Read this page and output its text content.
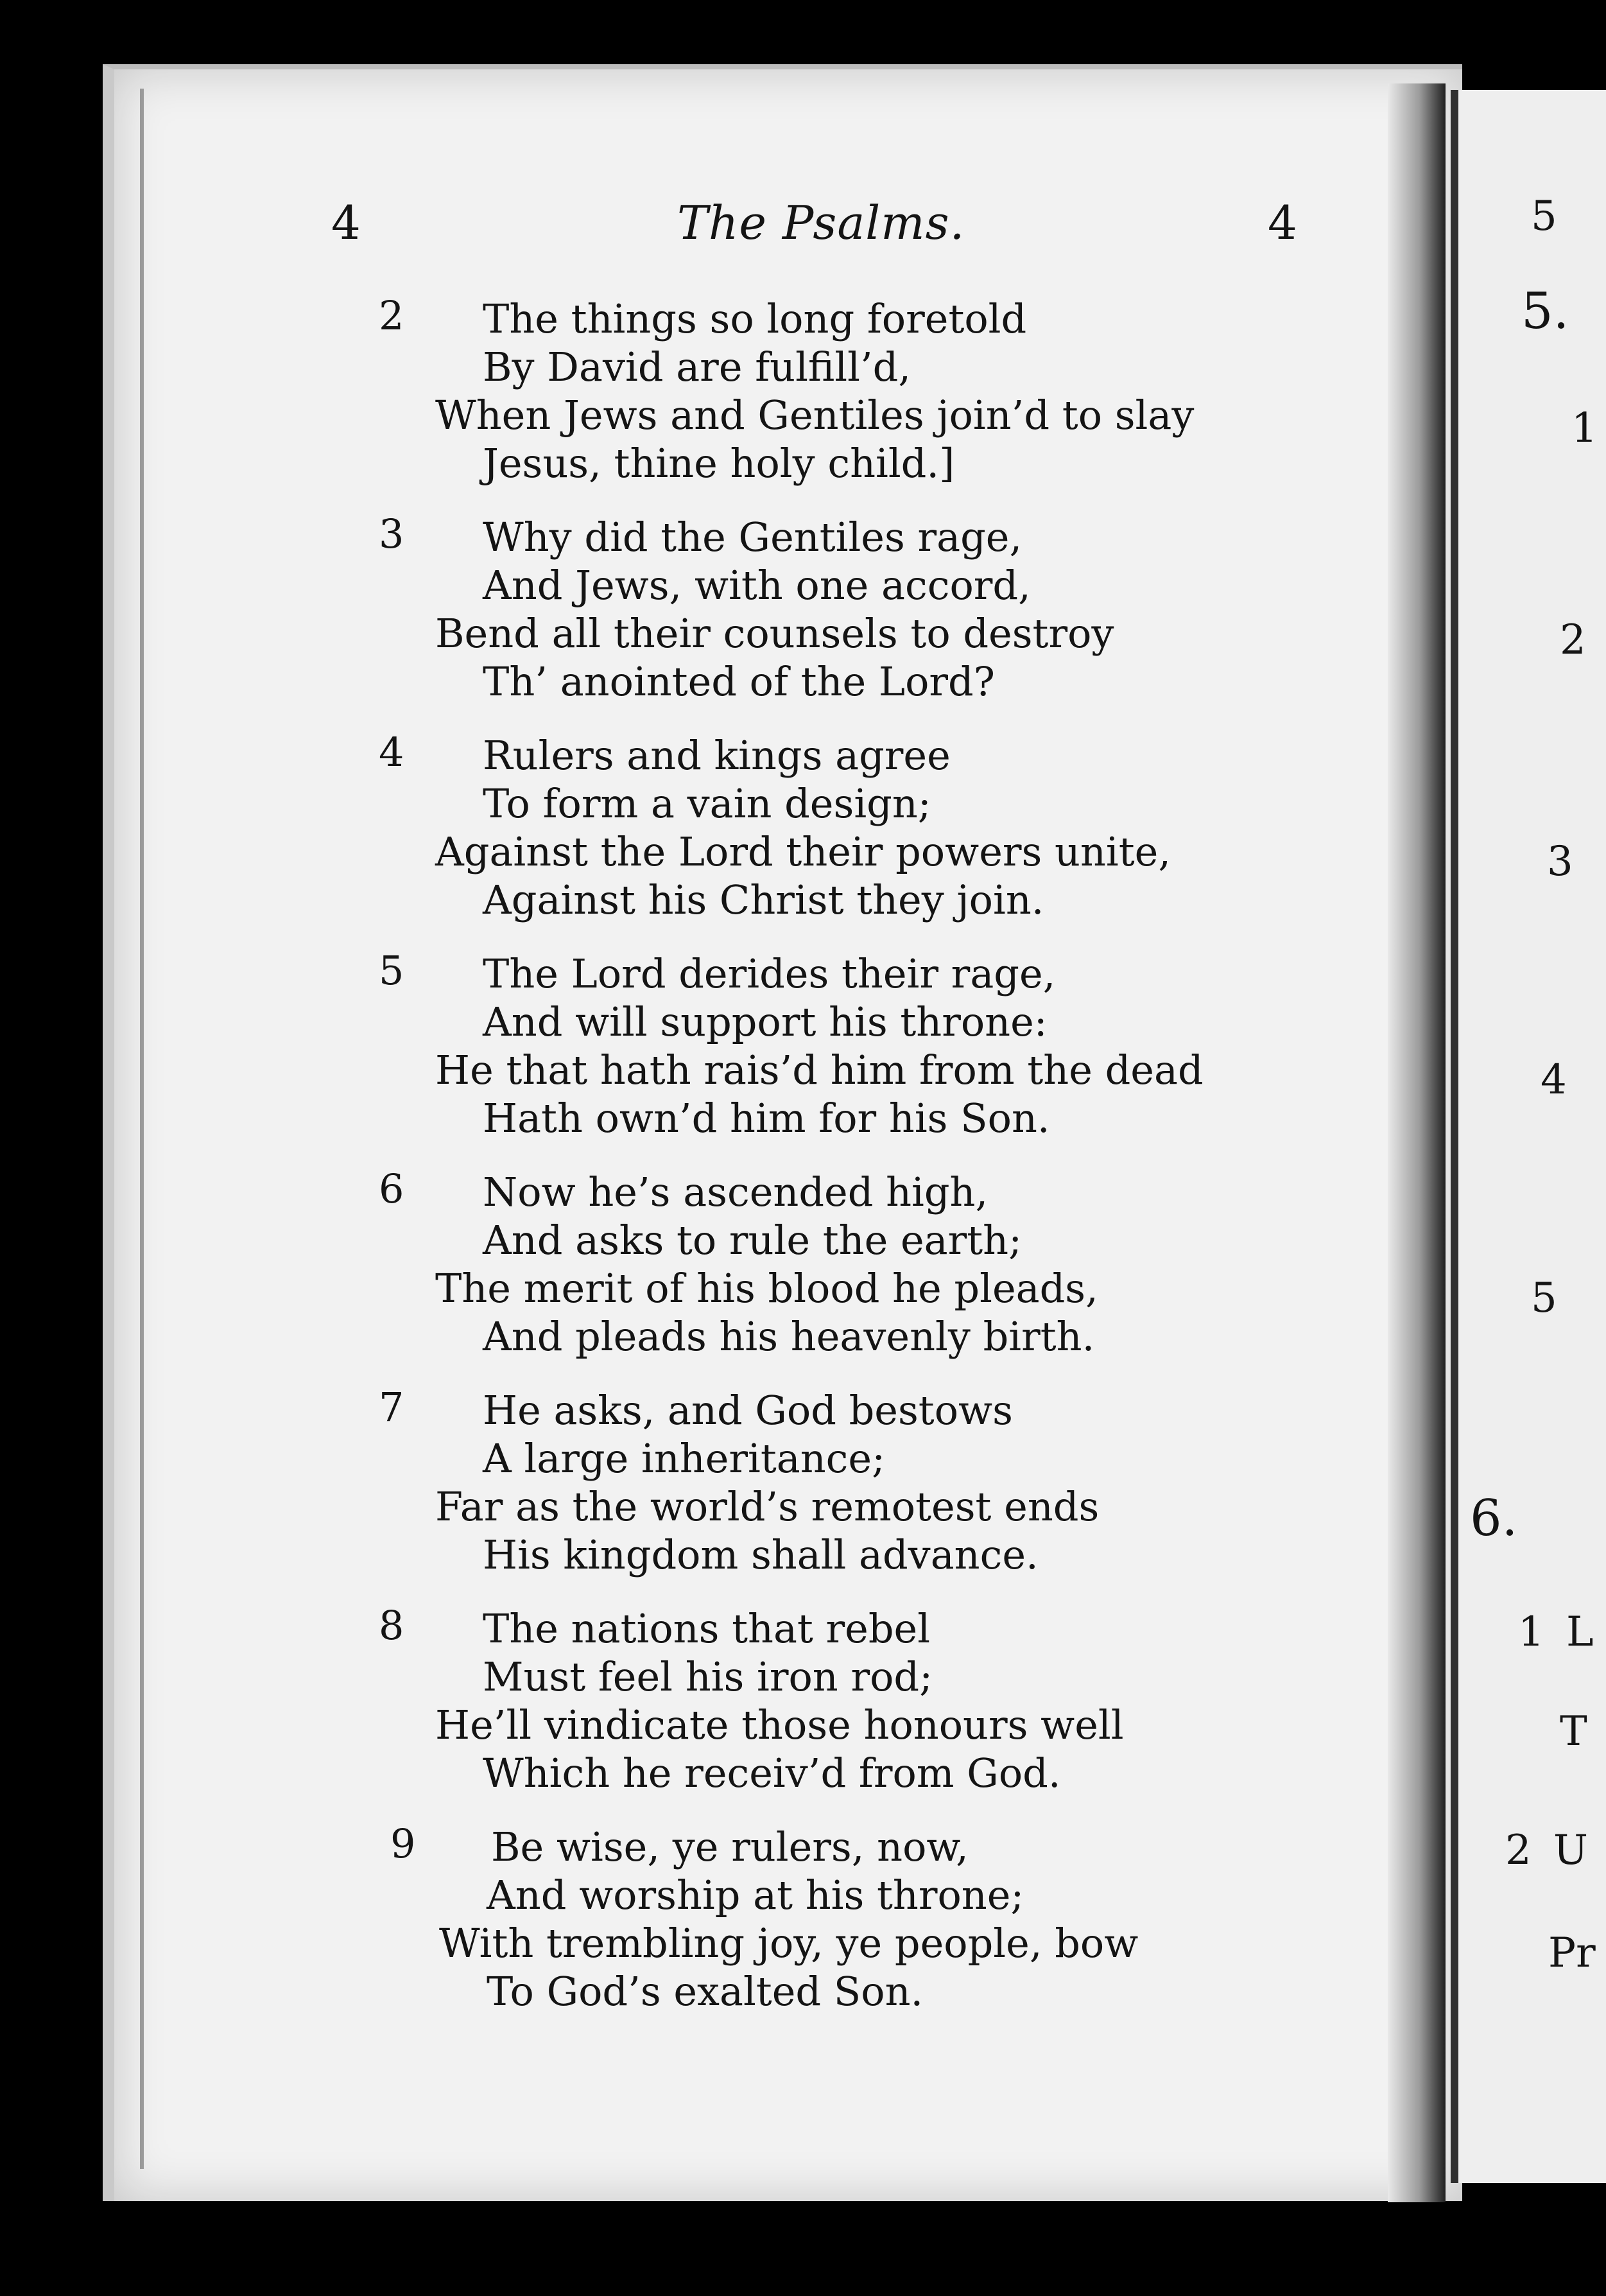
4	The Psalms.	4
2 The things so long foretold
By David are fulfill’d,
When Jews and Gentiles join’d to slay
Jesus, thine holy child.]
3 Why did the Gentiles rage,
And Jews, with one accord,
Bend all their counsels to destroy
Th’ anointed of the Lord?
4 Rulers and kings agree
To form a vain design;
Against the Lord their powers unite,
Against his Christ they join.
5 The Lord derides their rage,
And will support his throne:
He that hath rais’d him from the dead
Hath own’d him for his Son.
6 Now he’s ascended high,
And asks to rule the earth;
The merit of his blood he pleads,
And pleads his heavenly birth.
7 He asks, and God bestows
A large inheritance;
Far as the world’s remotest ends
His kingdom shall advance.
8 The nations that rebel
Must feel his iron rod;
He’ll vindicate those honours well
Which he receiv’d from God.
9 Be wise, ye rulers, now,
And worship at his throne;
With trembling joy, ye people, bow
To God’s exalted Son.
5
5.
1
2
3
4
5
6.
1 L
T
2 U
Pr
